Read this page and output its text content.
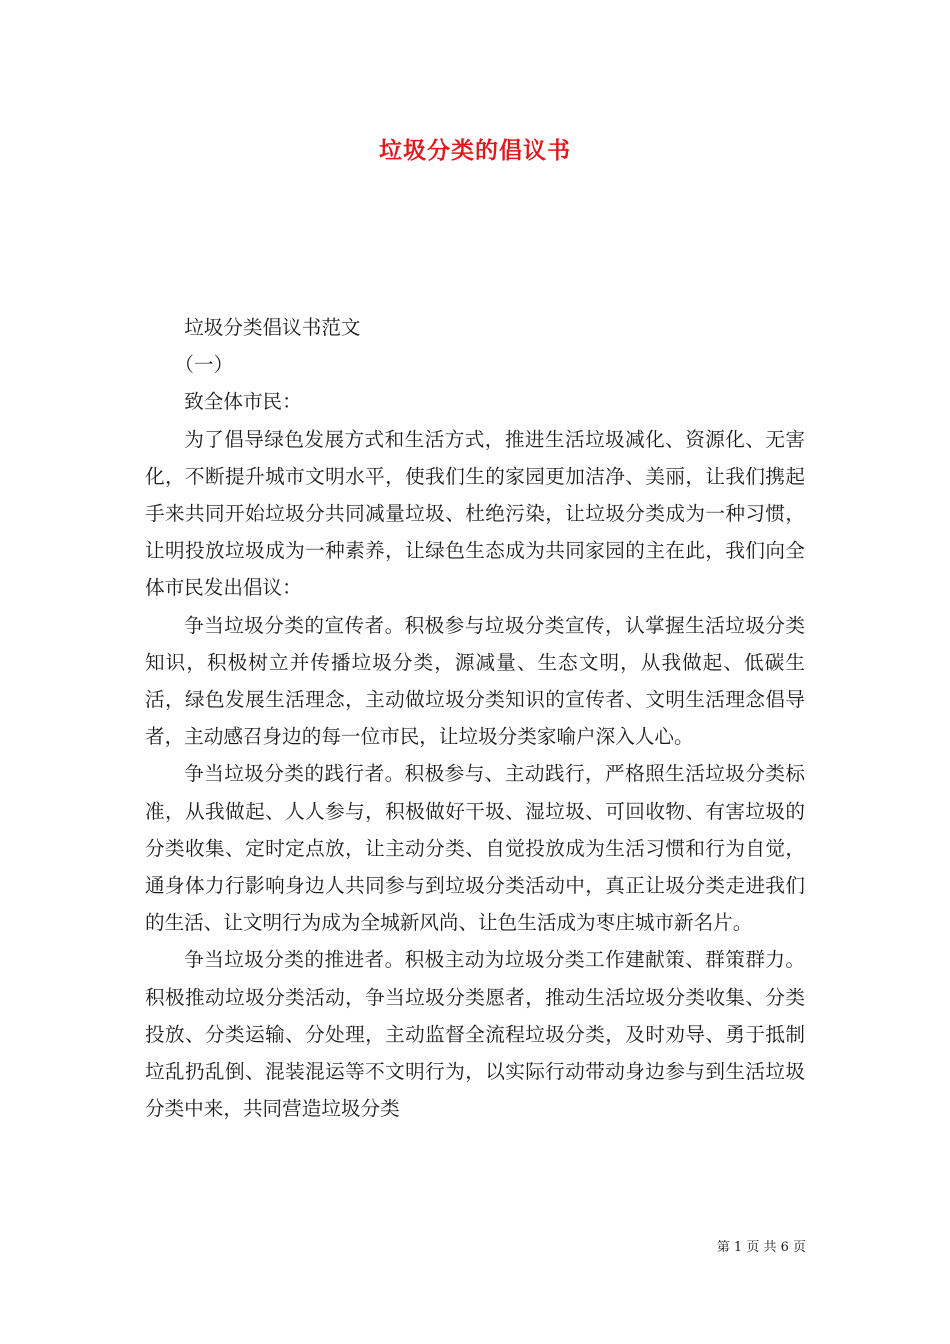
垃圾分类的倡议书

垃圾分类倡议书范文

（一）

致全体市民：

为了倡导绿色发展方式和生活方式，推进生活垃圾减化、资源化、无害化，不断提升城市文明水平，使我们生的家园更加洁净、美丽，让我们携起手来共同开始垃圾分共同减量垃圾、杜绝污染，让垃圾分类成为一种习惯，让明投放垃圾成为一种素养，让绿色生态成为共同家园的主在此，我们向全体市民发出倡议：

争当垃圾分类的宣传者。积极参与垃圾分类宣传，认掌握生活垃圾分类知识，积极树立并传播垃圾分类，源减量、生态文明，从我做起、低碳生活，绿色发展生活理念，主动做垃圾分类知识的宣传者、文明生活理念倡导者，主动感召身边的每一位市民，让垃圾分类家喻户深入人心。

争当垃圾分类的践行者。积极参与、主动践行，严格照生活垃圾分类标准，从我做起、人人参与，积极做好干圾、湿垃圾、可回收物、有害垃圾的分类收集、定时定点放，让主动分类、自觉投放成为生活习惯和行为自觉，通身体力行影响身边人共同参与到垃圾分类活动中，真正让圾分类走进我们的生活、让文明行为成为全城新风尚、让色生活成为枣庄城市新名片。

争当垃圾分类的推进者。积极主动为垃圾分类工作建献策、群策群力。积极推动垃圾分类活动，争当垃圾分类愿者，推动生活垃圾分类收集、分类投放、分类运输、分处理，主动监督全流程垃圾分类，及时劝导、勇于抵制垃乱扔乱倒、混装混运等不文明行为，以实际行动带动身边参与到生活垃圾分类中来，共同营造垃圾分类

第 1 页 共 6 页
